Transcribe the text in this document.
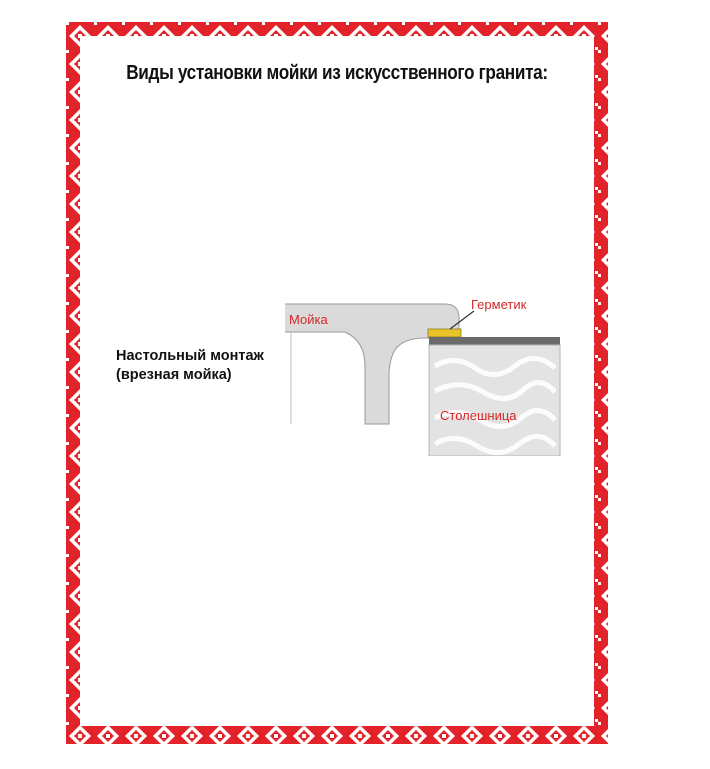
Виды установки мойки из искусственного гранита:
Настольный монтаж
(врезная мойка)
Мойка
Герметик
Столешница
